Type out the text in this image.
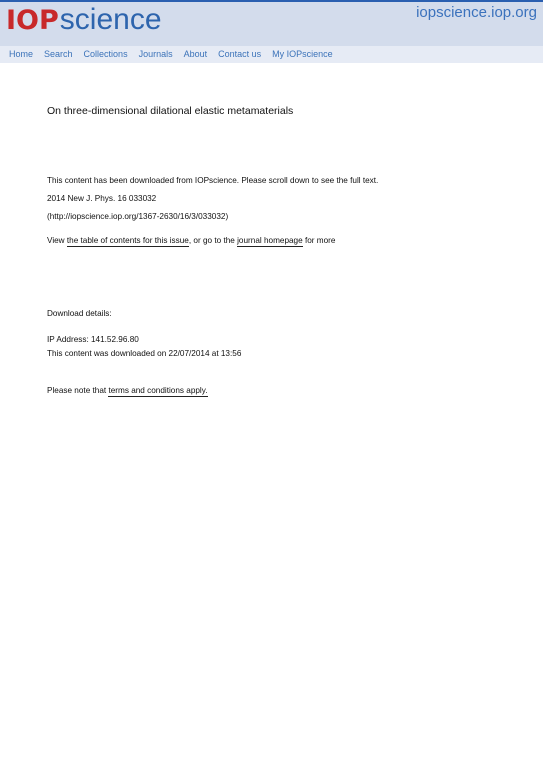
IOP science	iopscience.iop.org
Home Search Collections Journals About Contact us My IOPscience
On three-dimensional dilational elastic metamaterials
This content has been downloaded from IOPscience. Please scroll down to see the full text.
2014 New J. Phys. 16 033032
(http://iopscience.iop.org/1367-2630/16/3/033032)
View the table of contents for this issue, or go to the journal homepage for more
Download details:
IP Address: 141.52.96.80
This content was downloaded on 22/07/2014 at 13:56
Please note that terms and conditions apply.
